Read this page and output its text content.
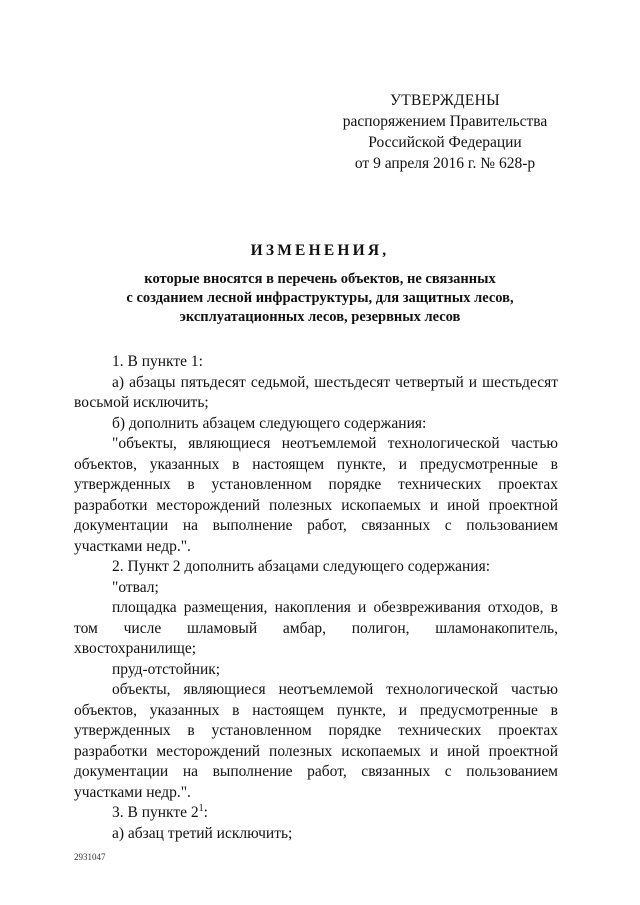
УТВЕРЖДЕНЫ
распоряжением Правительства
Российской Федерации
от 9 апреля 2016 г. № 628-р
ИЗМЕНЕНИЯ,
которые вносятся в перечень объектов, не связанных
с созданием лесной инфраструктуры, для защитных лесов,
эксплуатационных лесов, резервных лесов

1. В пункте 1:

а) абзацы пятьдесят седьмой, шестьдесят четвертый и шестьдесят восьмой исключить;

б) дополнить абзацем следующего содержания:

"объекты, являющиеся неотъемлемой технологической частью объектов, указанных в настоящем пункте, и предусмотренные в утвержденных в установленном порядке технических проектах разработки месторождений полезных ископаемых и иной проектной документации на выполнение работ, связанных с пользованием участками недр.".

2. Пункт 2 дополнить абзацами следующего содержания:

"отвал;

площадка размещения, накопления и обезвреживания отходов, в том числе шламовый амбар, полигон, шламонакопитель, хвостохранилище;

пруд-отстойник;

объекты, являющиеся неотъемлемой технологической частью объектов, указанных в настоящем пункте, и предусмотренные в утвержденных в установленном порядке технических проектах разработки месторождений полезных ископаемых и иной проектной документации на выполнение работ, связанных с пользованием участками недр.".

3. В пункте $2^1$:

а) абзац третий исключить;

2931047
